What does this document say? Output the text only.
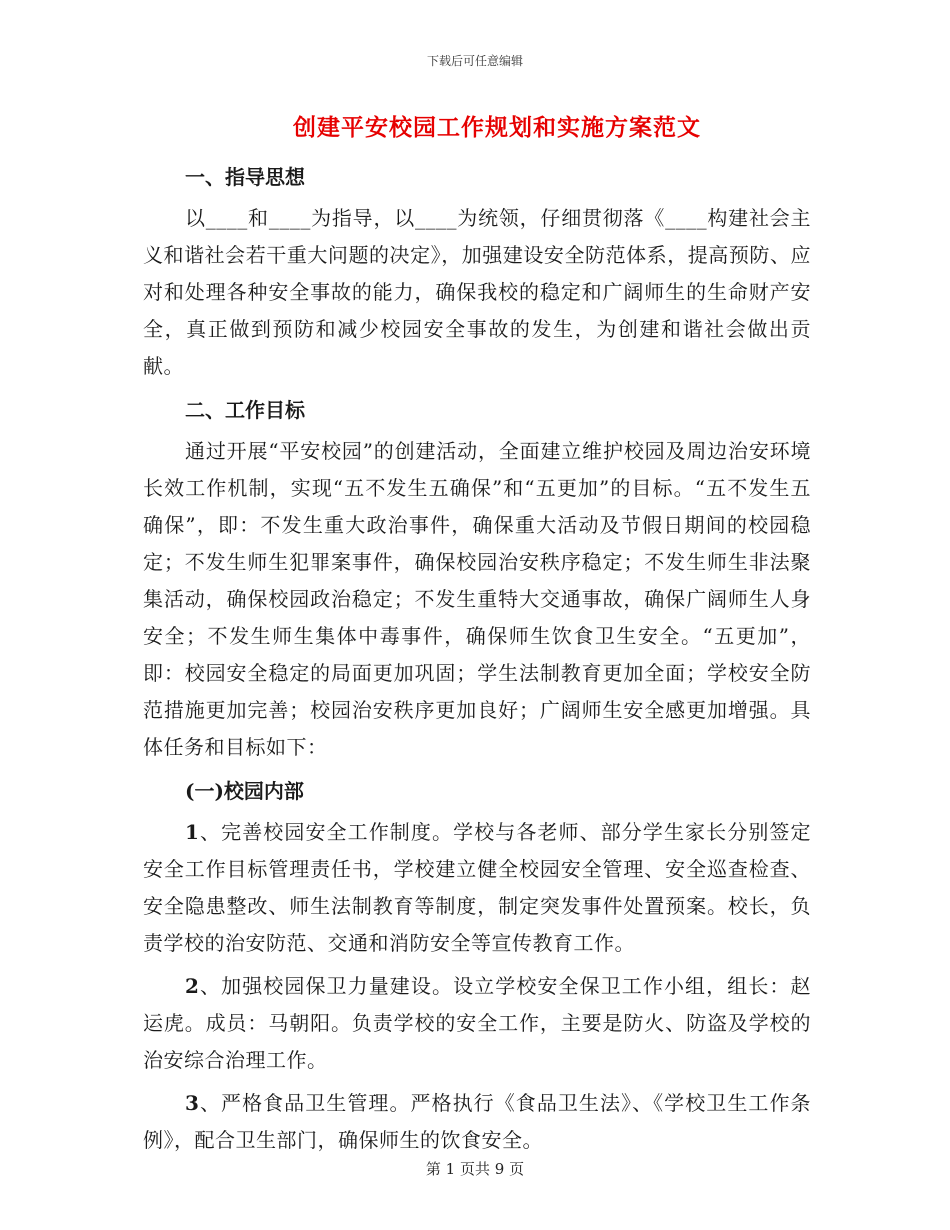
下载后可任意编辑
创建平安校园工作规划和实施方案范文
一、指导思想

以____和____为指导，以____为统领，仔细贯彻落《____构建社会主义和谐社会若干重大问题的决定》，加强建设安全防范体系，提高预防、应对和处理各种安全事故的能力，确保我校的稳定和广阔师生的生命财产安全，真正做到预防和减少校园安全事故的发生，为创建和谐社会做出贡献。

二、工作目标

通过开展“平安校园”的创建活动，全面建立维护校园及周边治安环境长效工作机制，实现“五不发生五确保”和“五更加”的目标。“五不发生五确保”，即：不发生重大政治事件，确保重大活动及节假日期间的校园稳定；不发生师生犯罪案事件，确保校园治安秩序稳定；不发生师生非法聚集活动，确保校园政治稳定；不发生重特大交通事故，确保广阔师生人身安全；不发生师生集体中毒事件，确保师生饮食卫生安全。“五更加”，即：校园安全稳定的局面更加巩固；学生法制教育更加全面；学校安全防范措施更加完善；校园治安秩序更加良好；广阔师生安全感更加增强。具体任务和目标如下：

(一)校园内部

1、完善校园安全工作制度。学校与各老师、部分学生家长分别签定安全工作目标管理责任书，学校建立健全校园安全管理、安全巡查检查、安全隐患整改、师生法制教育等制度，制定突发事件处置预案。校长，负责学校的治安防范、交通和消防安全等宣传教育工作。

2、加强校园保卫力量建设。设立学校安全保卫工作小组，组长：赵运虎。成员：马朝阳。负责学校的安全工作，主要是防火、防盗及学校的治安综合治理工作。

3、严格食品卫生管理。严格执行《食品卫生法》、《学校卫生工作条例》，配合卫生部门，确保师生的饮食安全。

第 1 页共 9 页
